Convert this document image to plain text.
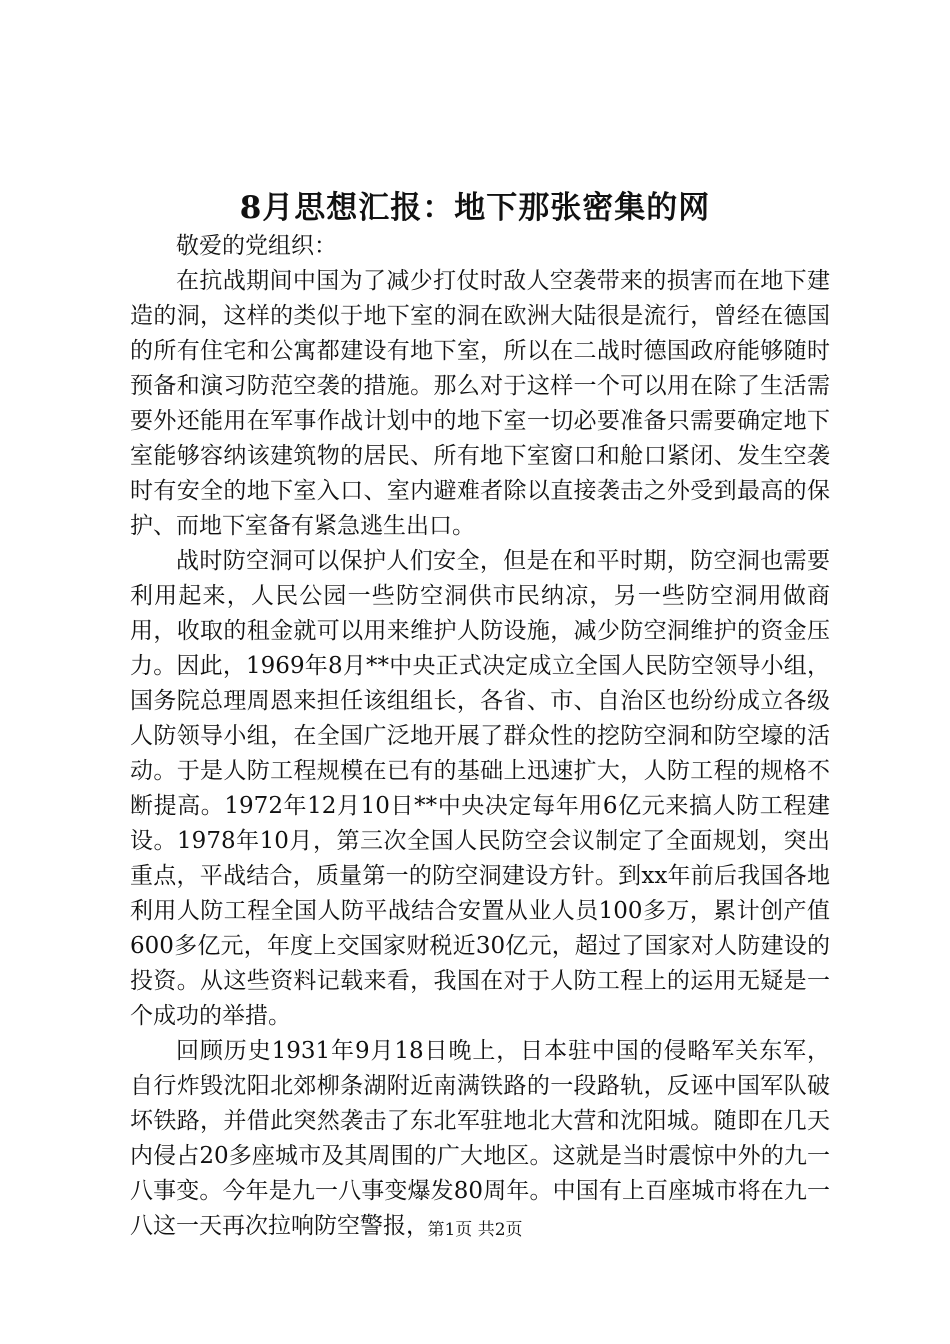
8月思想汇报：地下那张密集的网

敬爱的党组织：

在抗战期间中国为了减少打仗时敌人空袭带来的损害而在地下建造的洞，这样的类似于地下室的洞在欧洲大陆很是流行，曾经在德国的所有住宅和公寓都建设有地下室，所以在二战时德国政府能够随时预备和演习防范空袭的措施。那么对于这样一个可以用在除了生活需要外还能用在军事作战计划中的地下室一切必要准备只需要确定地下室能够容纳该建筑物的居民、所有地下室窗口和舱口紧闭、发生空袭时有安全的地下室入口、室内避难者除以直接袭击之外受到最高的保护、而地下室备有紧急逃生出口。

战时防空洞可以保护人们安全，但是在和平时期，防空洞也需要利用起来，人民公园一些防空洞供市民纳凉，另一些防空洞用做商用，收取的租金就可以用来维护人防设施，减少防空洞维护的资金压力。因此，1969年8月**中央正式决定成立全国人民防空领导小组，国务院总理周恩来担任该组组长，各省、市、自治区也纷纷成立各级人防领导小组，在全国广泛地开展了群众性的挖防空洞和防空壕的活动。于是人防工程规模在已有的基础上迅速扩大，人防工程的规格不断提高。1972年12月10日**中央决定每年用6亿元来搞人防工程建设。1978年10月，第三次全国人民防空会议制定了全面规划，突出重点，平战结合，质量第一的防空洞建设方针。到xx年前后我国各地利用人防工程全国人防平战结合安置从业人员100多万，累计创产值600多亿元，年度上交国家财税近30亿元，超过了国家对人防建设的投资。从这些资料记载来看，我国在对于人防工程上的运用无疑是一个成功的举措。

回顾历史1931年9月18日晚上，日本驻中国的侵略军关东军，自行炸毁沈阳北郊柳条湖附近南满铁路的一段路轨，反诬中国军队破坏铁路，并借此突然袭击了东北军驻地北大营和沈阳城。随即在几天内侵占20多座城市及其周围的广大地区。这就是当时震惊中外的九一八事变。今年是九一八事变爆发80周年。中国有上百座城市将在九一八这一天再次拉响防空警报，

第1页 共2页
